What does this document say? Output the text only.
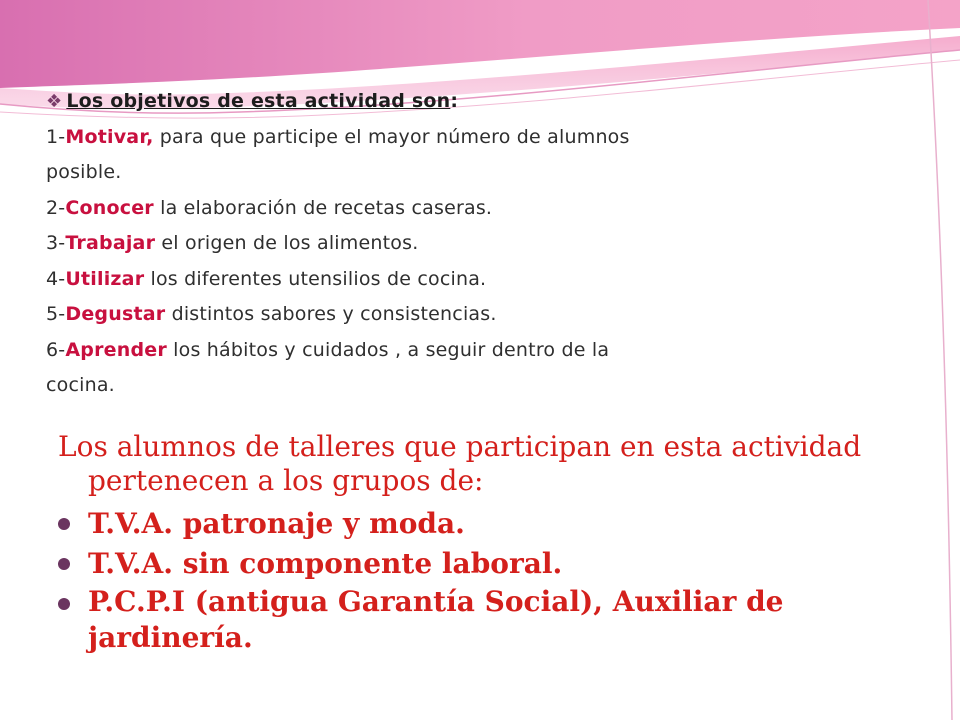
❖ Los objetivos de esta actividad son :

1-Motivar, para que participe el mayor número de alumnos

posible.

2-Conocer la elaboración de recetas caseras.

3-Trabajar el origen de los alimentos.

4-Utilizar los diferentes utensilios de cocina.

5-Degustar distintos sabores y consistencias.

6-Aprender los hábitos y cuidados , a seguir dentro de la

cocina.

Los alumnos de talleres que participan en esta actividad pertenecen a los grupos de:

T.V.A. patronaje y moda.
T.V.A. sin componente laboral.
P.C.P.I (antigua Garantía Social), Auxiliar de jardinería.
